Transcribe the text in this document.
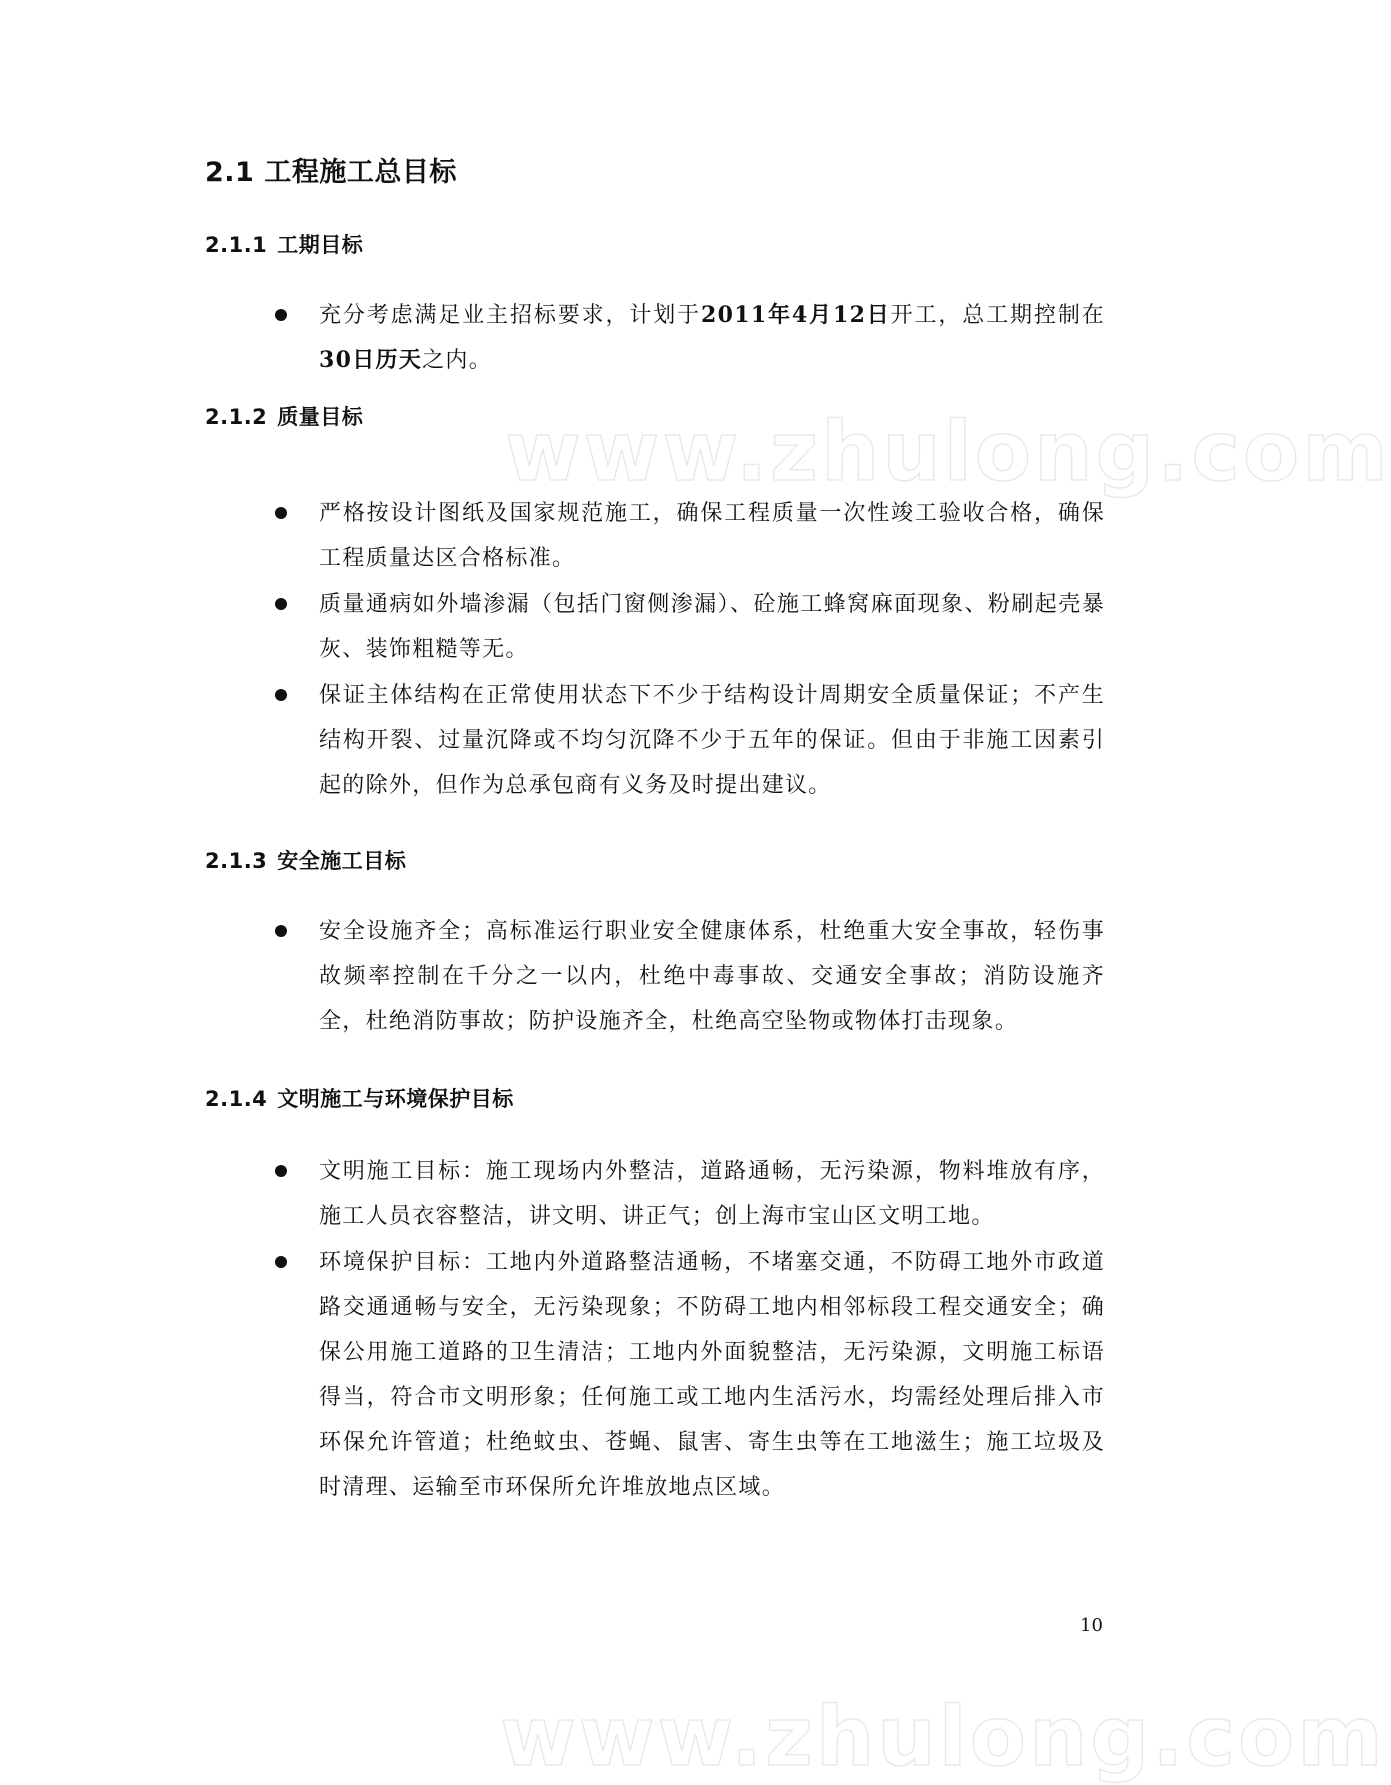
www.zhulong.com
www.zhulong.com
2.1 工程施工总目标
2.1.1 工期目标
充分考虑满足业主招标要求，计划于2011年4月12日开工，总工期控制在30日历天之内。
2.1.2 质量目标
严格按设计图纸及国家规范施工，确保工程质量一次性竣工验收合格，确保工程质量达区合格标准。
质量通病如外墙渗漏（包括门窗侧渗漏）、砼施工蜂窝麻面现象、粉刷起壳暴灰、装饰粗糙等无。
保证主体结构在正常使用状态下不少于结构设计周期安全质量保证；不产生结构开裂、过量沉降或不均匀沉降不少于五年的保证。但由于非施工因素引起的除外，但作为总承包商有义务及时提出建议。
2.1.3 安全施工目标
安全设施齐全；高标准运行职业安全健康体系，杜绝重大安全事故，轻伤事故频率控制在千分之一以内，杜绝中毒事故、交通安全事故；消防设施齐全，杜绝消防事故；防护设施齐全，杜绝高空坠物或物体打击现象。
2.1.4 文明施工与环境保护目标
文明施工目标：施工现场内外整洁，道路通畅，无污染源，物料堆放有序，施工人员衣容整洁，讲文明、讲正气；创上海市宝山区文明工地。
环境保护目标：工地内外道路整洁通畅，不堵塞交通，不防碍工地外市政道路交通通畅与安全，无污染现象；不防碍工地内相邻标段工程交通安全；确保公用施工道路的卫生清洁；工地内外面貌整洁，无污染源，文明施工标语得当，符合市文明形象；任何施工或工地内生活污水，均需经处理后排入市环保允许管道；杜绝蚊虫、苍蝇、鼠害、寄生虫等在工地滋生；施工垃圾及时清理、运输至市环保所允许堆放地点区域。
10
